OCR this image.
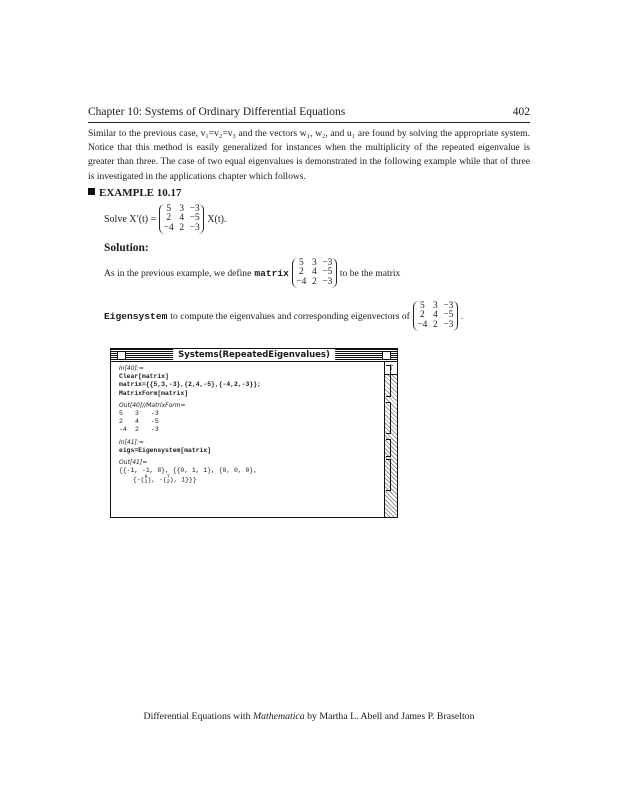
Chapter 10: Systems of Ordinary Differential Equations	402
Similar to the previous case, v₁=v₂=v₃ and the vectors w₁, w₂, and u₁ are found by solving the appropriate system. Notice that this method is easily generalized for instances when the multiplicity of the repeated eigenvalue is greater than three. The case of two equal eigenvalues is demonstrated in the following example while that of three is investigated in the applications chapter which follows.
EXAMPLE 10.17
Solve X′(t) =
5 3 −3
2 4 −5
−4 2 −3
X(t).
Solution:
As in the previous example, we define matrix
5 3 −3
2 4 −5
−4 2 −3
to be the matrix
Eigensystem to compute the eigenvalues and corresponding eigenvectors of
5 3 −3
2 4 −5
−4 2 −3
.
Systems(RepeatedEigenvalues)
⇧
In[40]:=
Clear[matrix]
matrix={{5,3,-3},{2,4,-5},{-4,2,-3}};
MatrixForm[matrix]
Out[40]//MatrixForm=
5	3	-3
2	4	-5
-4	2	-3
In[41]:=
eigs=Eigensystem[matrix]
Out[41]=
{{-1, -1, 8}, {{0, 1, 1}, {0, 0, 0},
{-( 9
2 ), -( 7
2 ), 1}}}
Differential Equations with Mathematica by Martha L. Abell and James P. Braselton
